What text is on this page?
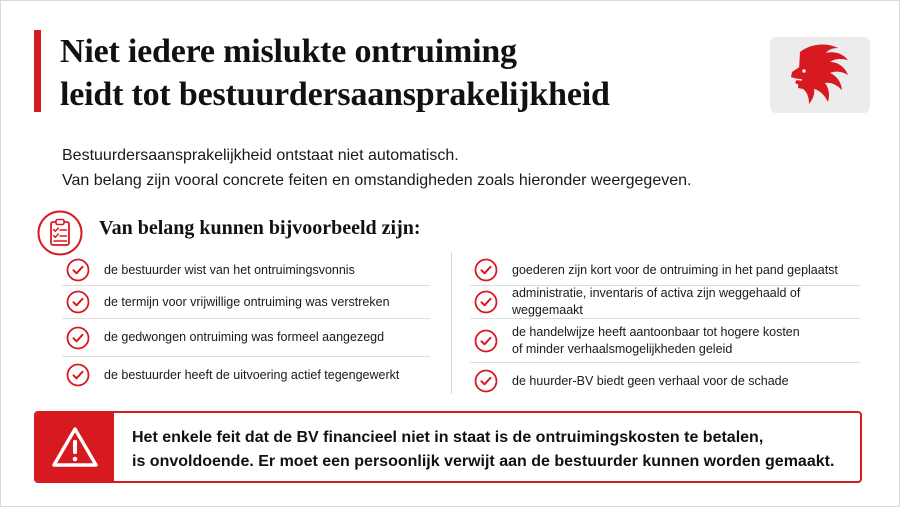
Niet iedere mislukte ontruiming
leidt tot bestuurdersaansprakelijkheid
Bestuurdersaansprakelijkheid ontstaat niet automatisch.
Van belang zijn vooral concrete feiten en omstandigheden zoals hieronder weergegeven.
Van belang kunnen bijvoorbeeld zijn:
de bestuurder wist van het ontruimingsvonnis
de termijn voor vrijwillige ontruiming was verstreken
de gedwongen ontruiming was formeel aangezegd
de bestuurder heeft de uitvoering actief tegengewerkt
goederen zijn kort voor de ontruiming in het pand geplaatst
administratie, inventaris of activa zijn weggehaald of weggemaakt
de handelwijze heeft aantoonbaar tot hogere kosten of minder verhaalsmogelijkheden geleid
de huurder-BV biedt geen verhaal voor de schade
Het enkele feit dat de BV financieel niet in staat is de ontruimingskosten te betalen,
is onvoldoende. Er moet een persoonlijk verwijt aan de bestuurder kunnen worden gemaakt.
